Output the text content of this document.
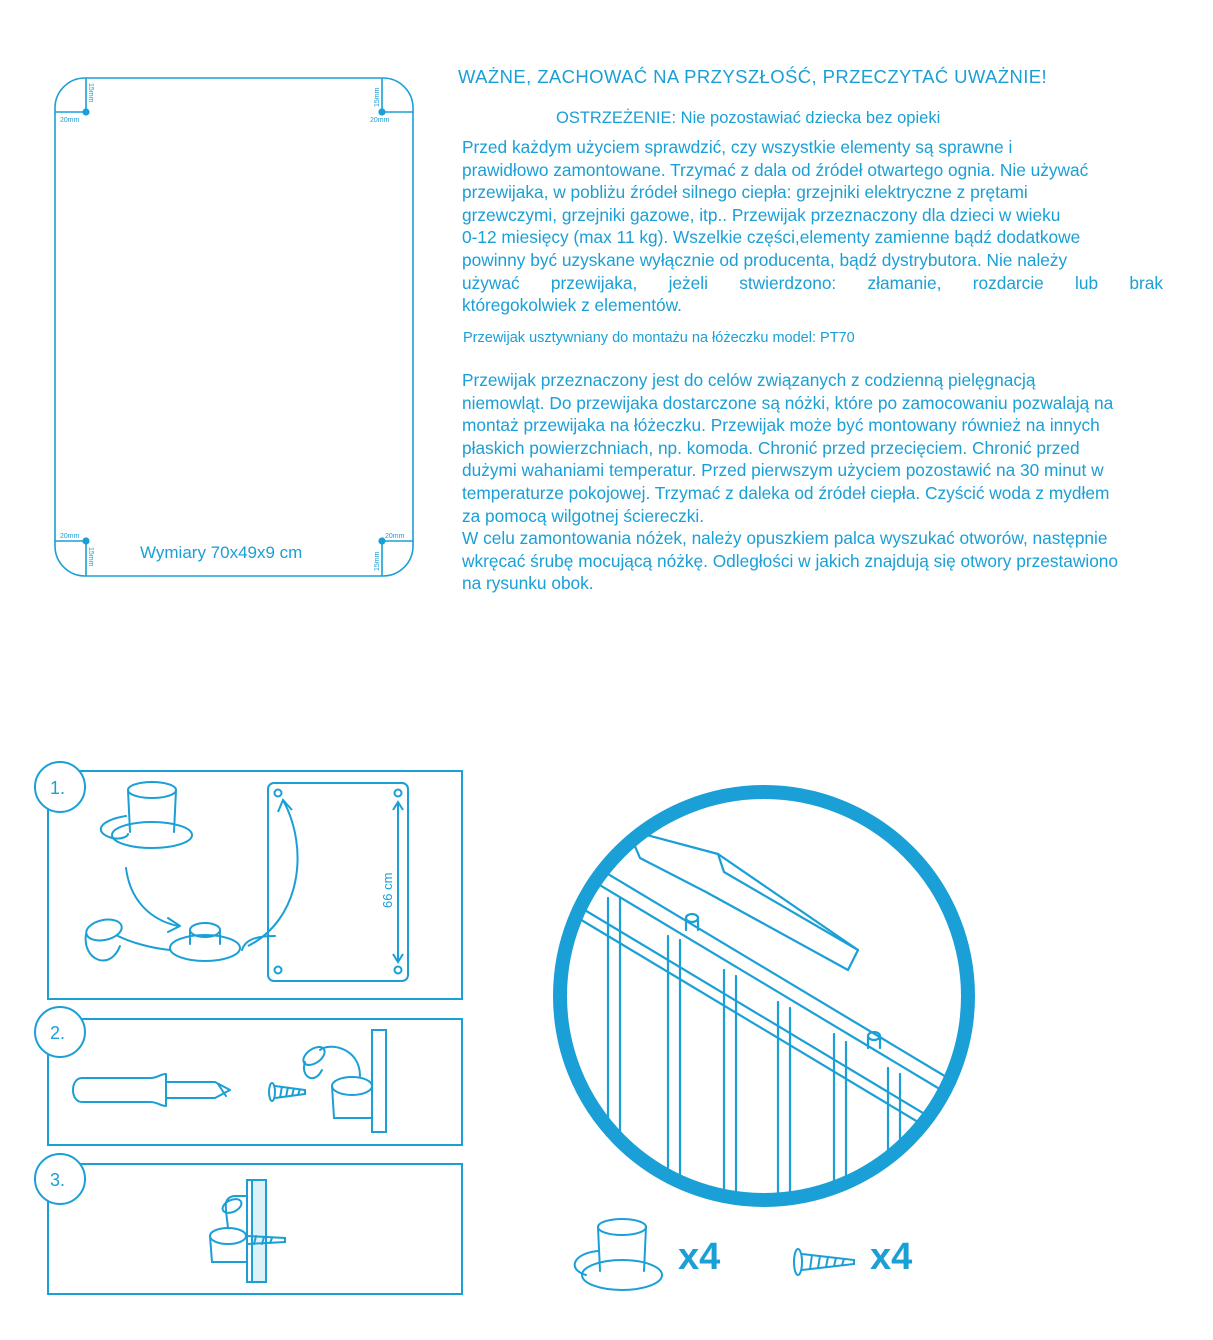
20mm	20mm
20mm	20mm
15mm	15mm
15mm	15mm
Wymiary 70x49x9 cm
WAŻNE, ZACHOWAĆ NA PRZYSZŁOŚĆ, PRZECZYTAĆ UWAŻNIE!
OSTRZEŻENIE: Nie pozostawiać dziecka bez opieki
Przed każdym użyciem sprawdzić, czy wszystkie elementy są sprawne i
prawidłowo zamontowane. Trzymać z dala od źródeł otwartego ognia. Nie używać
przewijaka, w pobliżu źródeł silnego ciepła: grzejniki elektryczne z prętami
grzewczymi, grzejniki gazowe, itp.. Przewijak przeznaczony dla dzieci w wieku
0-12 miesięcy (max 11 kg). Wszelkie części,elementy zamienne bądź dodatkowe
powinny być uzyskane wyłącznie od producenta, bądź dystrybutora. Nie należy
używać przewijaka, jeżeli stwierdzono: złamanie, rozdarcie lub brak
któregokolwiek z elementów.
Przewijak usztywniany do montażu na łóżeczku model: PT70
Przewijak przeznaczony jest do celów związanych z codzienną pielęgnacją
niemowląt. Do przewijaka dostarczone są nóżki, które po zamocowaniu pozwalają na
montaż przewijaka na łóżeczku. Przewijak może być montowany również na innych
płaskich powierzchniach, np. komoda. Chronić przed przecięciem. Chronić przed
dużymi wahaniami temperatur. Przed pierwszym użyciem pozostawić na 30 minut w
temperaturze pokojowej. Trzymać z daleka od źródeł ciepła. Czyścić woda z mydłem
za pomocą wilgotnej ścierecz​ki.
W celu zamontowania nóżek, należy opuszkiem palca wyszukać otworów, następnie
wkręcać śrubę mocującą nóżkę. Odległości w jakich znajdują się otwory przestawiono
na rysunku obok.
1.
2.
3.
66 cm
x4	x4
